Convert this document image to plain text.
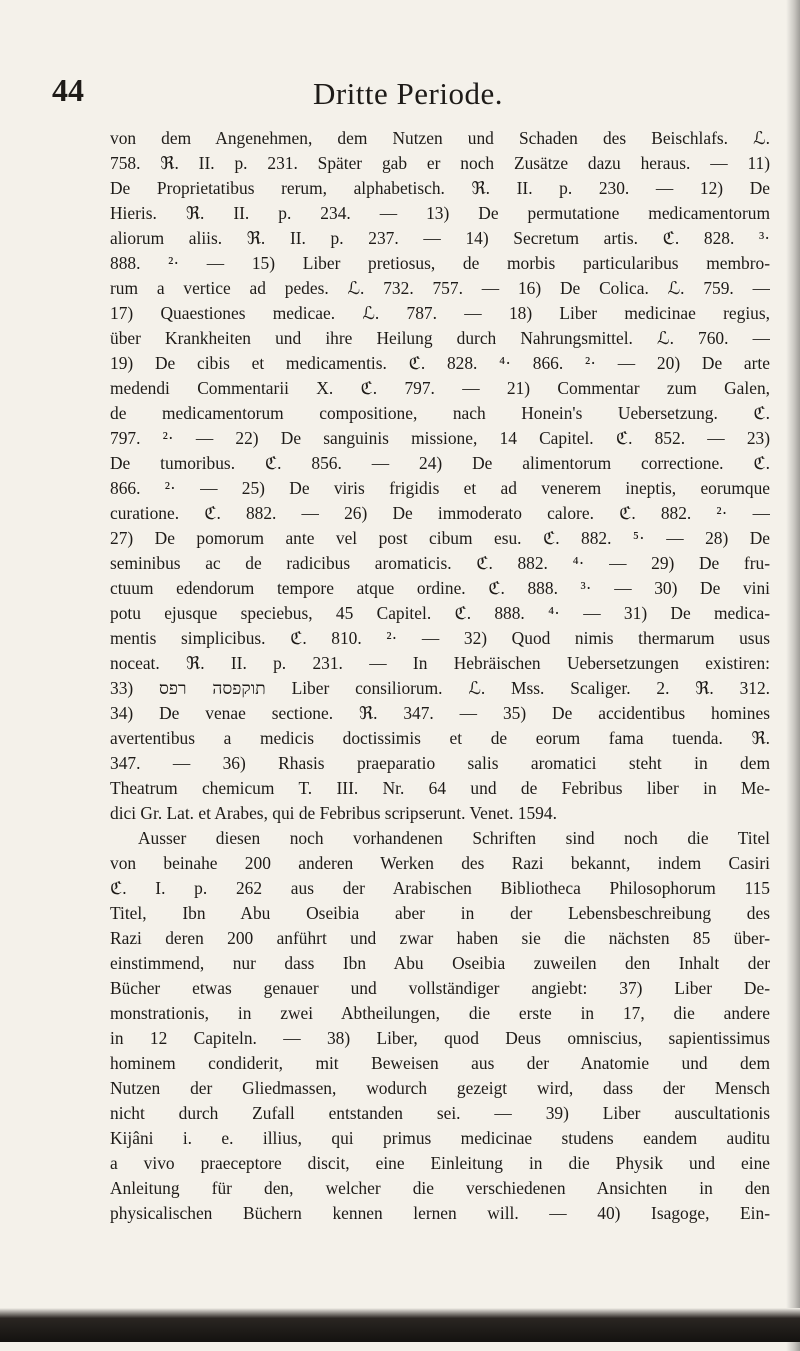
44	Dritte Periode.
von dem Angenehmen, dem Nutzen und Schaden des Beischlafs. ℒ.
758. ℜ. II. p. 231. Später gab er noch Zusätze dazu heraus. — 11)
De Proprietatibus rerum, alphabetisch. ℜ. II. p. 230. — 12) De
Hieris. ℜ. II. p. 234. — 13) De permutatione medicamentorum
aliorum aliis. ℜ. II. p. 237. — 14) Secretum artis. ℭ. 828. ³·
888. ²· — 15) Liber pretiosus, de morbis particularibus membro-
rum a vertice ad pedes. ℒ. 732. 757. — 16) De Colica. ℒ. 759. —
17) Quaestiones medicae. ℒ. 787. — 18) Liber medicinae regius,
über Krankheiten und ihre Heilung durch Nahrungsmittel. ℒ. 760. —
19) De cibis et medicamentis. ℭ. 828. ⁴· 866. ²· — 20) De arte
medendi Commentarii X. ℭ. 797. — 21) Commentar zum Galen,
de medicamentorum compositione, nach Honein's Uebersetzung. ℭ.
797. ²· — 22) De sanguinis missione, 14 Capitel. ℭ. 852. — 23)
De tumoribus. ℭ. 856. — 24) De alimentorum correctione. ℭ.
866. ²· — 25) De viris frigidis et ad venerem ineptis, eorumque
curatione. ℭ. 882. — 26) De immoderato calore. ℭ. 882. ²· —
27) De pomorum ante vel post cibum esu. ℭ. 882. ⁵· — 28) De
seminibus ac de radicibus aromaticis. ℭ. 882. ⁴· — 29) De fru-
ctuum edendorum tempore atque ordine. ℭ. 888. ³· — 30) De vini
potu ejusque speciebus, 45 Capitel. ℭ. 888. ⁴· — 31) De medica-
mentis simplicibus. ℭ. 810. ²· — 32) Quod nimis thermarum usus
noceat. ℜ. II. p. 231. — In Hebräischen Uebersetzungen existiren:
33) תוקפסה רפס Liber consiliorum. ℒ. Mss. Scaliger. 2. ℜ. 312.
34) De venae sectione. ℜ. 347. — 35) De accidentibus homines
avertentibus a medicis doctissimis et de eorum fama tuenda. ℜ.
347. — 36) Rhasis praeparatio salis aromatici steht in dem
Theatrum chemicum T. III. Nr. 64 und de Febribus liber in Me-
dici Gr. Lat. et Arabes, qui de Febribus scripserunt. Venet. 1594.
Ausser diesen noch vorhandenen Schriften sind noch die Titel
von beinahe 200 anderen Werken des Razi bekannt, indem Casiri
ℭ. I. p. 262 aus der Arabischen Bibliotheca Philosophorum 115
Titel, Ibn Abu Oseibia aber in der Lebensbeschreibung des
Razi deren 200 anführt und zwar haben sie die nächsten 85 über-
einstimmend, nur dass Ibn Abu Oseibia zuweilen den Inhalt der
Bücher etwas genauer und vollständiger angiebt: 37) Liber De-
monstrationis, in zwei Abtheilungen, die erste in 17, die andere
in 12 Capiteln. — 38) Liber, quod Deus omniscius, sapientissimus
hominem condiderit, mit Beweisen aus der Anatomie und dem
Nutzen der Gliedmassen, wodurch gezeigt wird, dass der Mensch
nicht durch Zufall entstanden sei. — 39) Liber auscultationis
Kijâni i. e. illius, qui primus medicinae studens eandem auditu
a vivo praeceptore discit, eine Einleitung in die Physik und eine
Anleitung für den, welcher die verschiedenen Ansichten in den
physicalischen Büchern kennen lernen will. — 40) Isagoge, Ein-
